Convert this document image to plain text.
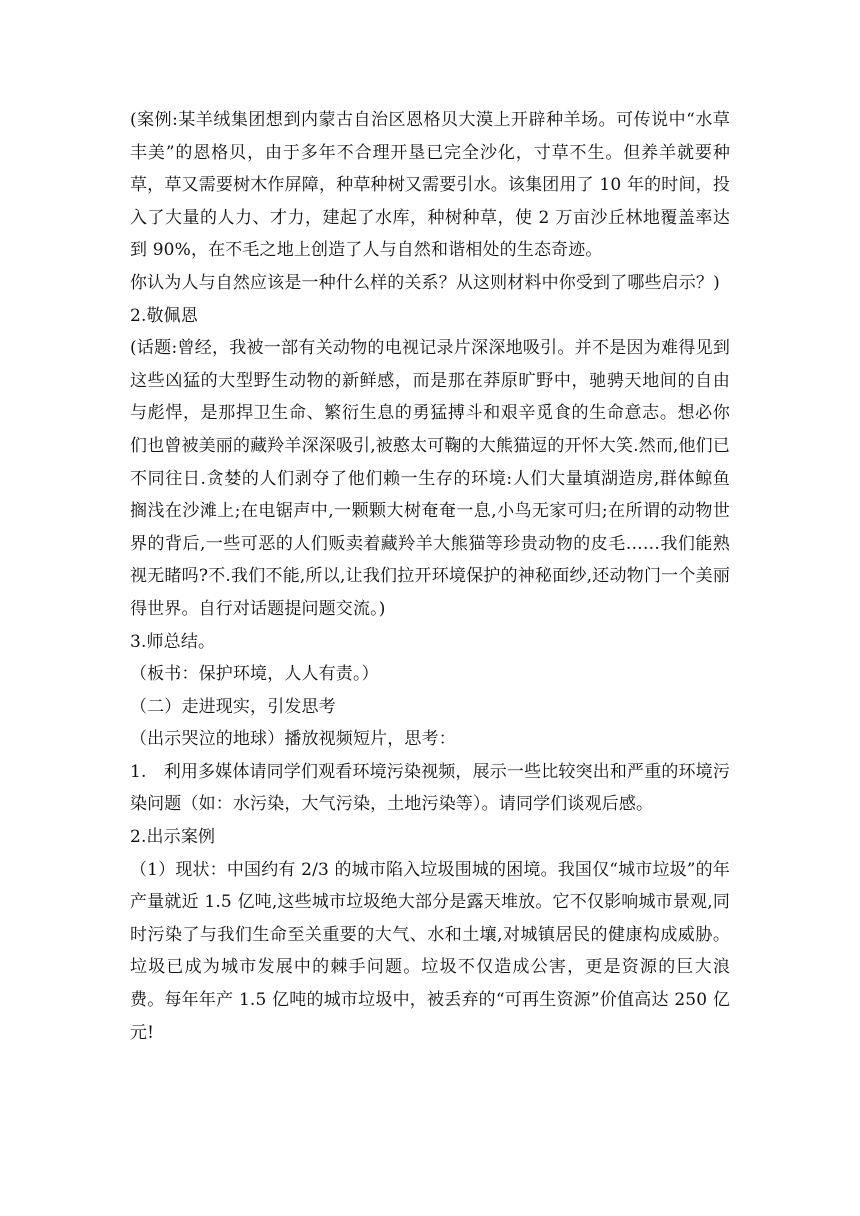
(案例:某羊绒集团想到内蒙古自治区恩格贝大漠上开辟种羊场。可传说中“水草丰美”的恩格贝，由于多年不合理开垦已完全沙化，寸草不生。但养羊就要种草，草又需要树木作屏障，种草种树又需要引水。该集团用了 10 年的时间，投入了大量的人力、才力，建起了水库，种树种草，使 2 万亩沙丘林地覆盖率达到 90%，在不毛之地上创造了人与自然和谐相处的生态奇迹。

你认为人与自然应该是一种什么样的关系？从这则材料中你受到了哪些启示？)

2.敬佩恩

(话题:曾经，我被一部有关动物的电视记录片深深地吸引。并不是因为难得见到这些凶猛的大型野生动物的新鲜感，而是那在莽原旷野中，驰骋天地间的自由与彪悍，是那捍卫生命、繁衍生息的勇猛搏斗和艰辛觅食的生命意志。想必你们也曾被美丽的藏羚羊深深吸引,被憨太可鞠的大熊猫逗的开怀大笑.然而,他们已不同往日.贪婪的人们剥夺了他们赖一生存的环境:人们大量填湖造房,群体鲸鱼搁浅在沙滩上;在电锯声中,一颗颗大树奄奄一息,小鸟无家可归;在所谓的动物世界的背后,一些可恶的人们贩卖着藏羚羊大熊猫等珍贵动物的皮毛……我们能熟视无睹吗?不.我们不能,所以,让我们拉开环境保护的神秘面纱,还动物门一个美丽得世界。自行对话题提问题交流。)

3.师总结。

（板书：保护环境，人人有责。）

（二）走进现实，引发思考

（出示哭泣的地球）播放视频短片，思考：

1.　利用多媒体请同学们观看环境污染视频，展示一些比较突出和严重的环境污染问题（如：水污染，大气污染，土地污染等）。请同学们谈观后感。

2.出示案例

（1）现状：中国约有 2/3 的城市陷入垃圾围城的困境。我国仅“城市垃圾”的年产量就近 1.5 亿吨,这些城市垃圾绝大部分是露天堆放。它不仅影响城市景观,同时污染了与我们生命至关重要的大气、水和土壤,对城镇居民的健康构成威胁。垃圾已成为城市发展中的棘手问题。垃圾不仅造成公害，更是资源的巨大浪费。每年年产 1.5 亿吨的城市垃圾中，被丢弃的“可再生资源”价值高达 250 亿元!
